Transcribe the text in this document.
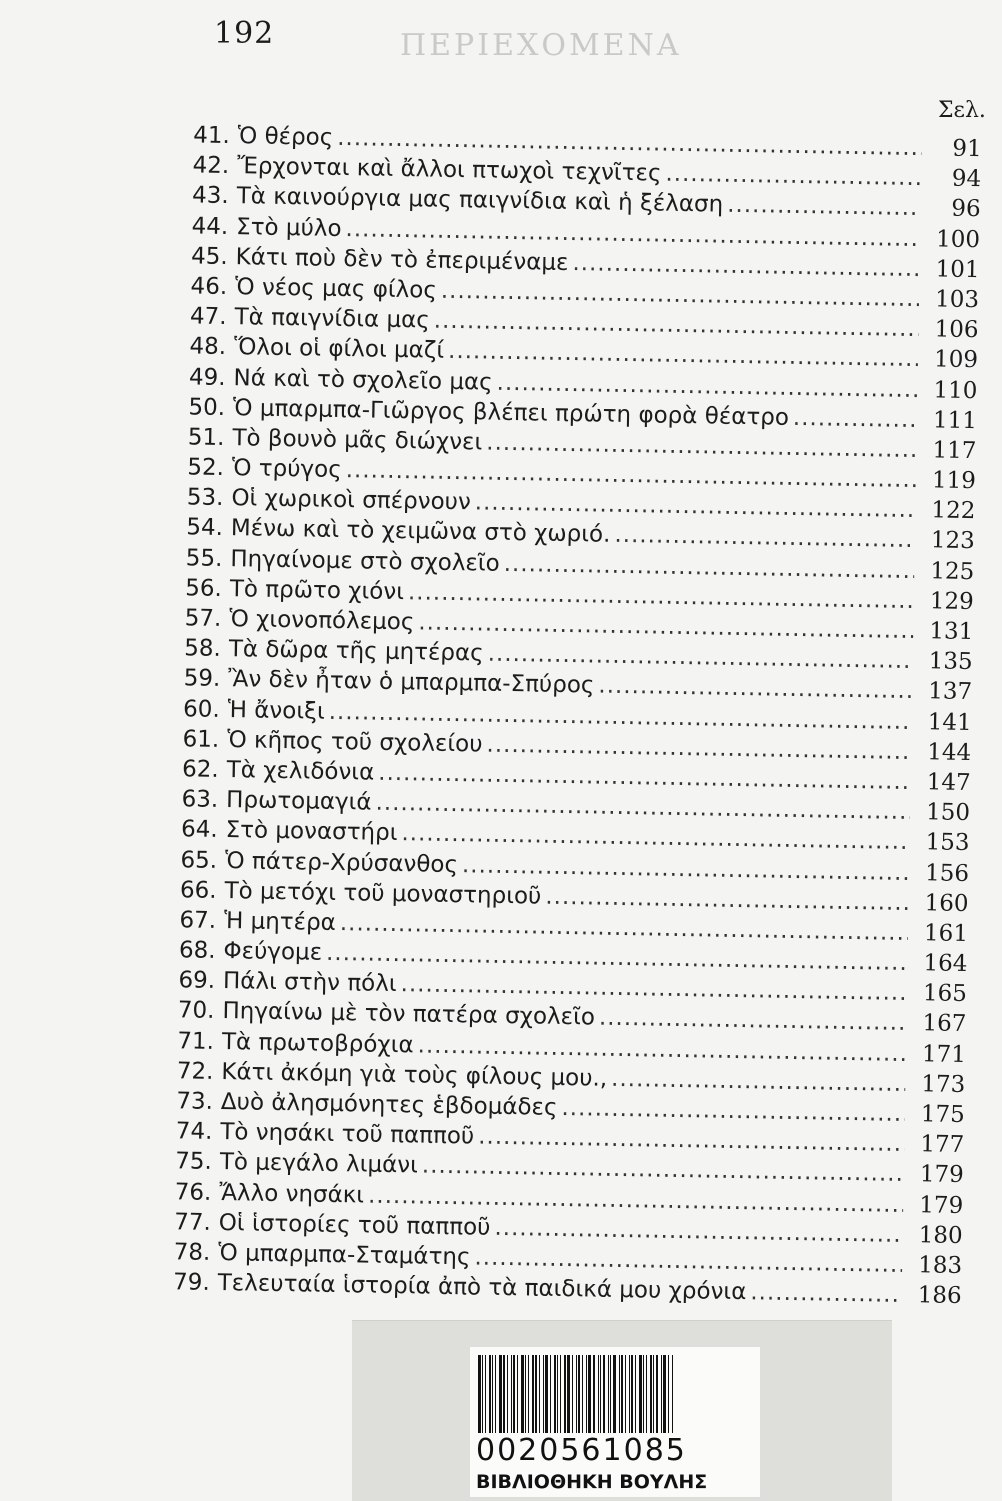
192	ΠΕΡΙΕΧΟΜΕΝΑ
Σελ.
41. Ὁ θέρος .....	91
42. Ἔρχονται καὶ ἄλλοι πτωχοὶ τεχνῖτες .....	94
43. Τὰ καινούργια μας παιγνίδια καὶ ἡ ξέλαση .....	96
44. Στὸ μύλο .....	100
45. Κάτι ποὺ δὲν τὸ ἐπεριμέναμε .....	101
46. Ὁ νέος μας φίλος .....	103
47. Τὰ παιγνίδια μας .....	106
48. Ὅλοι οἱ φίλοι μαζί .....	109
49. Νά καὶ τὸ σχολεῖο μας .....	110
50. Ὁ μπαρμπα-Γιῶργος βλέπει πρώτη φορὰ θέατρο .....	111
51. Τὸ βουνὸ μᾶς διώχνει .....	117
52. Ὁ τρύγος .....	119
53. Οἱ χωρικοὶ σπέρνουν .....	122
54. Μένω καὶ τὸ χειμῶνα στὸ χωριό. .....	123
55. Πηγαίνομε στὸ σχολεῖο .....	125
56. Τὸ πρῶτο χιόνι .....	129
57. Ὁ χιονοπόλεμος .....	131
58. Τὰ δῶρα τῆς μητέρας .....	135
59. Ἂν δὲν ἦταν ὁ μπαρμπα-Σπύρος .....	137
60. Ἡ ἄνοιξι .....	141
61. Ὁ κῆπος τοῦ σχολείου .....	144
62. Τὰ χελιδόνια .....	147
63. Πρωτομαγιά .....	150
64. Στὸ μοναστήρι .....	153
65. Ὁ πάτερ-Χρύσανθος .....	156
66. Τὸ μετόχι τοῦ μοναστηριοῦ .....	160
67. Ἡ μητέρα .....	161
68. Φεύγομε .....	164
69. Πάλι στὴν πόλι .....	165
70. Πηγαίνω μὲ τὸν πατέρα σχολεῖο .....	167
71. Τὰ πρωτοβρόχια .....	171
72. Κάτι ἀκόμη γιὰ τοὺς φίλους μου., .....	173
73. Δυὸ ἀλησμόνητες ἑβδομάδες .....	175
74. Τὸ νησάκι τοῦ παπποῦ .....	177
75. Τὸ μεγάλο λιμάνι .....	179
76. Ἄλλο νησάκι .....	179
77. Οἱ ἱστορίες τοῦ παπποῦ .....	180
78. Ὁ μπαρμπα-Σταμάτης .....	183
79. Τελευταία ἱστορία ἀπὸ τὰ παιδικά μου χρόνια .....	186
0020561085
ΒΙΒΛΙΟΘΗΚΗ ΒΟΥΛΗΣ
